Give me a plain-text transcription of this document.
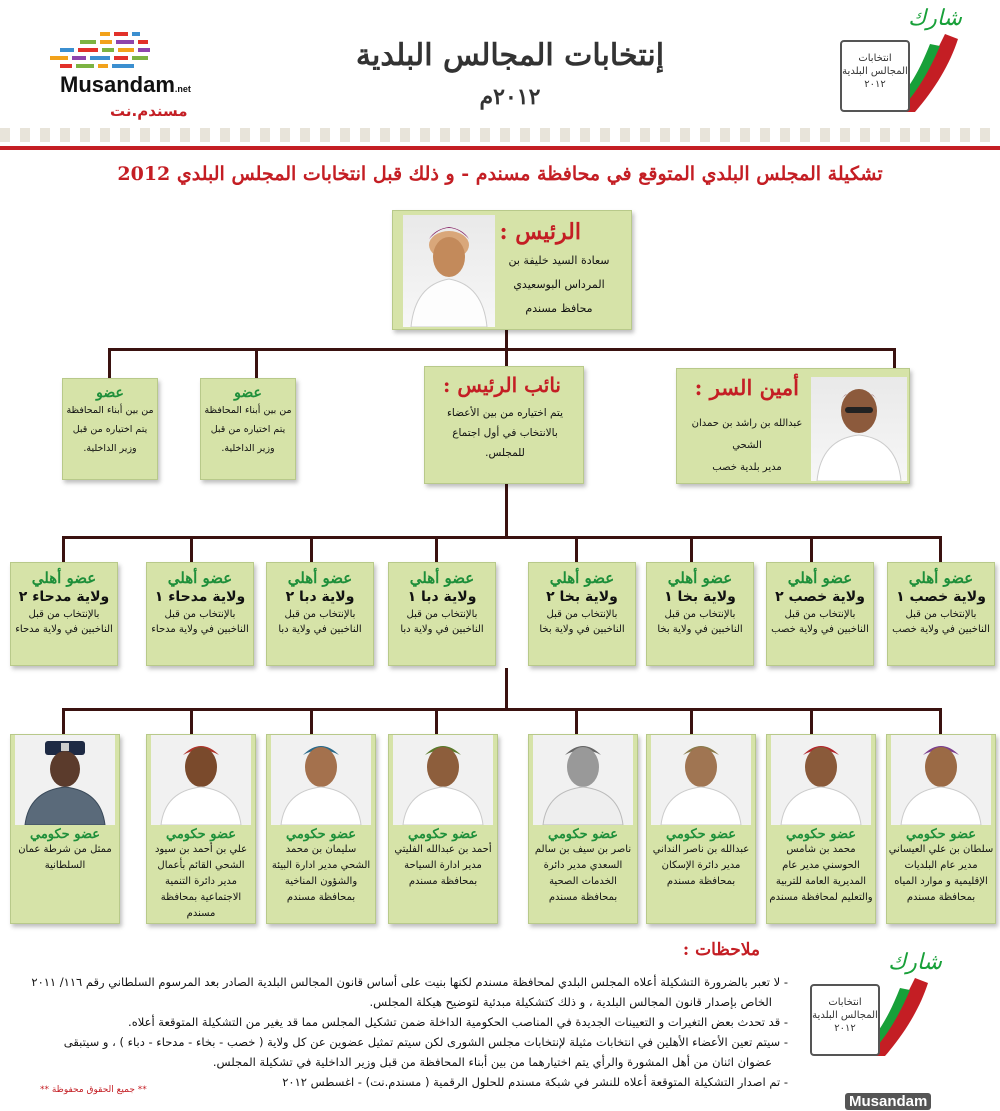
Musandam.net
مسندم.نت
إنتخابات المجالس البلدية
٢٠١٢م
شارك
انتخابات المجالس البلدية ٢٠١٢
تشكيلة المجلس البلدي المتوقع في محافظة مسندم - و ذلك قبل انتخابات المجلس البلدي 2012
الرئيس :
سعادة السيد خليفة بن
المرداس البوسعيدي
محافظ مسندم
أمين السر :
عبدالله بن راشد بن حمدان الشحي
مدير بلدية خصب
نائب الرئيس :
يتم اختياره من بين الأعضاء
بالانتخاب في أول اجتماع
للمجلس.
عضو
من بين أبناء المحافظة
يتم اختياره من قبل
وزير الداخلية.
عضو
من بين أبناء المحافظة
يتم اختياره من قبل
وزير الداخلية.
عضو أهلي
ولاية خصب ١
بالإنتخاب من قبل
الناخبين في ولاية خصب
عضو أهلي
ولاية خصب ٢
بالإنتخاب من قبل
الناخبين في ولاية خصب
عضو أهلي
ولاية بخا ١
بالإنتخاب من قبل
الناخبين في ولاية بخا
عضو أهلي
ولاية بخا ٢
بالإنتخاب من قبل
الناخبين في ولاية بخا
عضو أهلي
ولاية دبا ١
بالإنتخاب من قبل
الناخبين في ولاية دبا
عضو أهلي
ولاية دبا ٢
بالإنتخاب من قبل
الناخبين في ولاية دبا
عضو أهلي
ولاية مدحاء ١
بالإنتخاب من قبل
الناخبين في ولاية مدحاء
عضو أهلي
ولاية مدحاء ٢
بالإنتخاب من قبل
الناخبين في ولاية مدحاء
عضو حكومي
سلطان بن علي العيساني
مدير عام البلديات
الإقليمية و موارد المياه
بمحافظة مسندم
عضو حكومي
محمد بن شامس
الحوسني مدير عام
المديرية العامة للتربية
والتعليم لمحافظة مسندم
عضو حكومي
عبدالله بن ناصر النداني
مدير دائرة الإسكان
بمحافظة مسندم
عضو حكومي
ناصر بن سيف بن سالم
السعدي مدير دائرة
الخدمات الصحية
بمحافظة مسندم
عضو حكومي
أحمد بن عبدالله الفليتي
مدير ادارة السياحة
بمحافظة مسندم
عضو حكومي
سليمان بن محمد
الشحي مدير ادارة البيئة
والشؤون المناخية
بمحافظة مسندم
عضو حكومي
علي بن أحمد بن سيود
الشحي القائم بأعمال
مدير دائرة التنمية
الاجتماعية بمحافظة مسندم
عضو حكومي
ممثل من شرطة عمان
السلطانية
ملاحظات :
- لا تعبر بالضرورة التشكيلة أعلاه المجلس البلدي لمحافظة مسندم لكنها بنيت على أساس قانون المجالس البلدية الصادر بعد المرسوم السلطاني رقم ١١٦/ ٢٠١١
الخاص بإصدار قانون المجالس البلدية ، و ذلك كتشكيلة مبدئية لتوضيح هيكلة المجلس.
- قد تحدث بعض التغيرات و التعيينات الجديدة في المناصب الحكومية الداخلة ضمن تشكيل المجلس مما قد يغير من التشكيلة المتوقعة أعلاه.
- سيتم تعين الأعضاء الأهلين في انتخابات مثيلة لإنتخابات مجلس الشورى لكن سيتم تمثيل عضوين عن كل ولاية ( خصب - بخاء - مدحاء - دباء ) ، و سيتبقى
عضوان اثنان من أهل المشورة والرأي يتم اختيارهما من بين أبناء المحافظة من قبل وزير الداخلية في تشكيلة المجلس.
- تم اصدار التشكيلة المتوقعة أعلاه للنشر في شبكة مسندم للحلول الرقمية ( مسندم.نت) - اغسطس ٢٠١٢
** جميع الحقوق محفوظة **
شارك
انتخابات المجالس البلدية ٢٠١٢
Musandam
